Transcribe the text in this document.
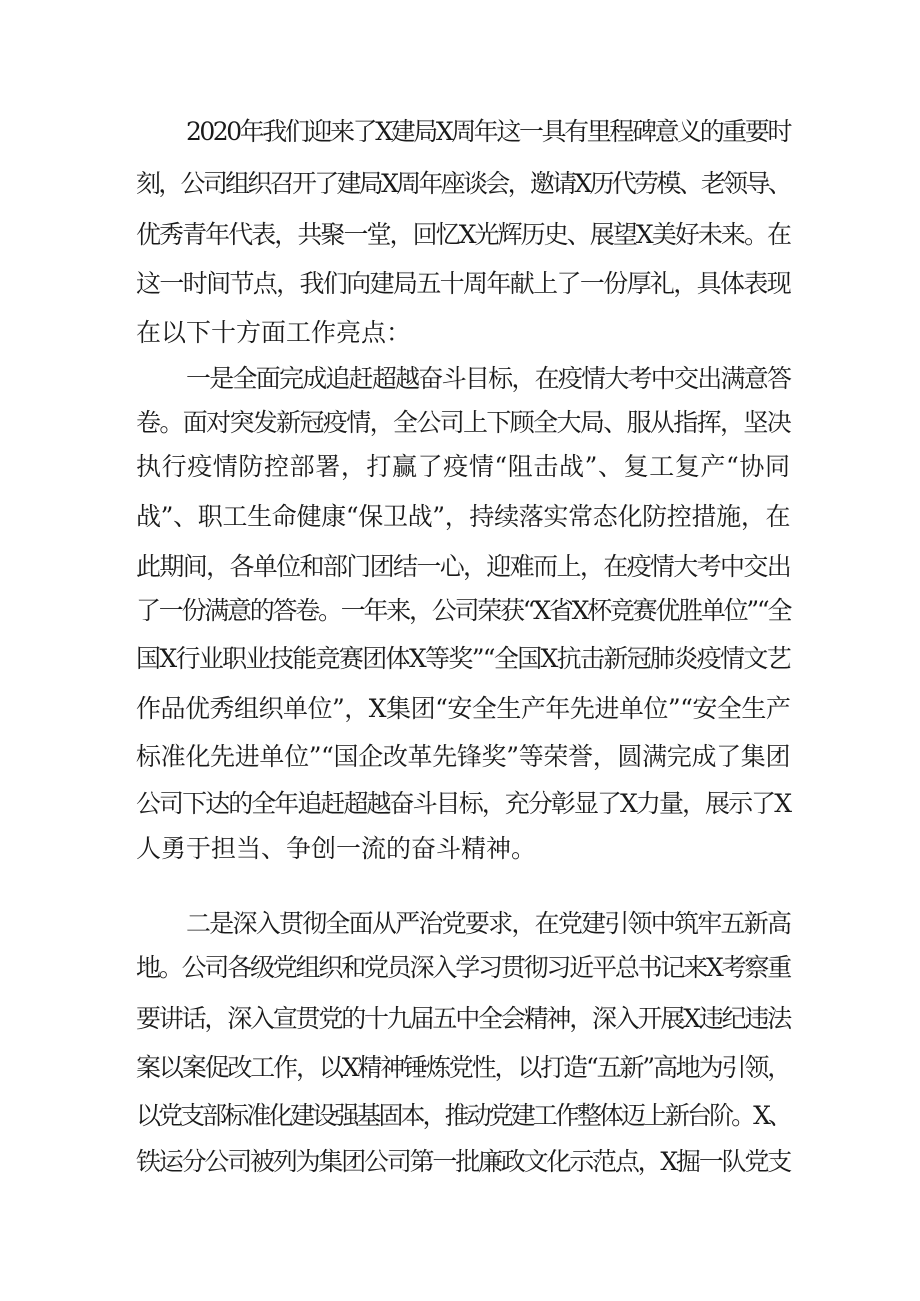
2020年我们迎来了X建局X周年这一具有里程碑意义的重要时
刻，公司组织召开了建局X周年座谈会，邀请X历代劳模、老领导、
优秀青年代表，共聚一堂，回忆X光辉历史、展望X美好未来。在
这一时间节点，我们向建局五十周年献上了一份厚礼，具体表现
在以下十方面工作亮点：
一是全面完成追赶超越奋斗目标，在疫情大考中交出满意答
卷。面对突发新冠疫情，全公司上下顾全大局、服从指挥，坚决
执行疫情防控部署，打赢了疫情“阻击战”、复工复产“协同
战”、职工生命健康“保卫战”，持续落实常态化防控措施，在
此期间，各单位和部门团结一心，迎难而上，在疫情大考中交出
了一份满意的答卷。一年来，公司荣获“X省X杯竞赛优胜单位”“全
国X行业职业技能竞赛团体X等奖”“全国X抗击新冠肺炎疫情文艺
作品优秀组织单位”，X集团“安全生产年先进单位”“安全生产
标准化先进单位”“国企改革先锋奖”等荣誉，圆满完成了集团
公司下达的全年追赶超越奋斗目标，充分彰显了X力量，展示了X
人勇于担当、争创一流的奋斗精神。
二是深入贯彻全面从严治党要求，在党建引领中筑牢五新高
地。公司各级党组织和党员深入学习贯彻习近平总书记来X考察重
要讲话，深入宣贯党的十九届五中全会精神，深入开展X违纪违法
案以案促改工作，以X精神锤炼党性，以打造“五新”高地为引领，
以党支部标准化建设强基固本，推动党建工作整体迈上新台阶。X、
铁运分公司被列为集团公司第一批廉政文化示范点，X掘一队党支
